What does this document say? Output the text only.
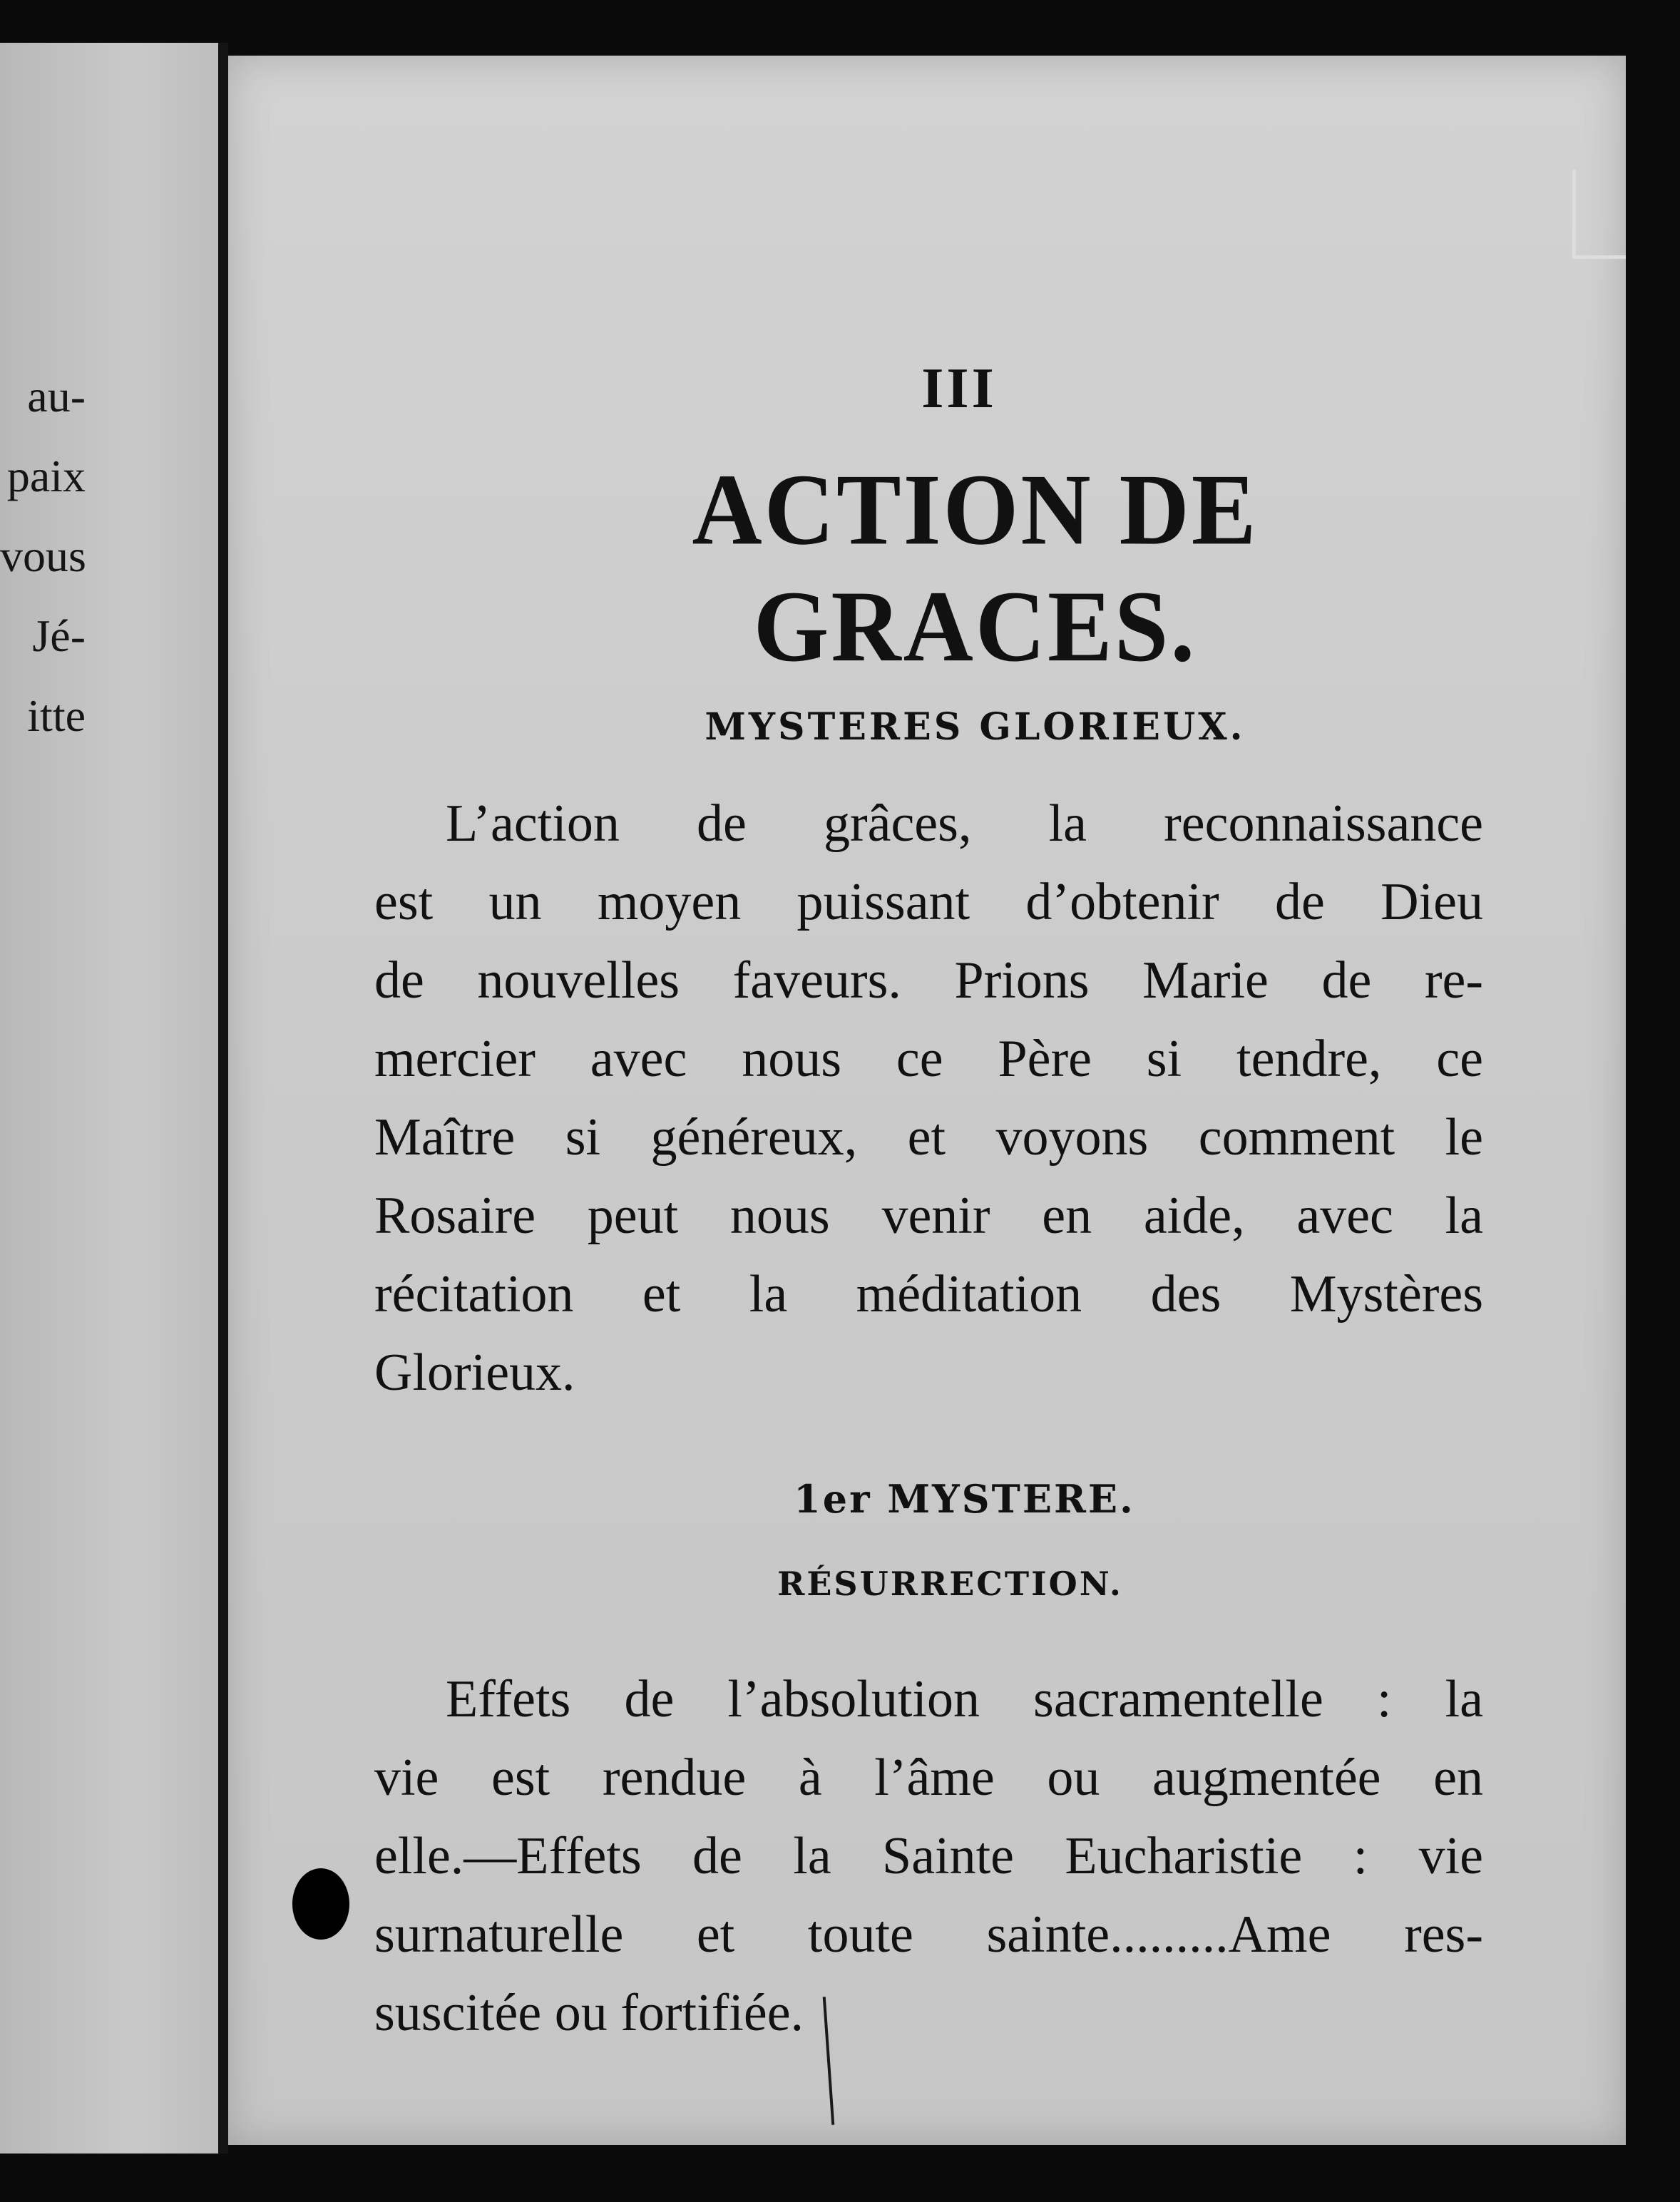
au-
paix
vous
Jé-
itte
III
ACTION DE GRACES.
MYSTERES GLORIEUX.
L’action de grâces, la reconnaissance
est un moyen puissant d’obtenir de Dieu
de nouvelles faveurs. Prions Marie de re-
mercier avec nous ce Père si tendre, ce
Maître si généreux, et voyons comment le
Rosaire peut nous venir en aide, avec la
récitation et la méditation des Mystères
Glorieux.
1er MYSTERE.
RÉSURRECTION.
Effets de l’absolution sacramentelle : la
vie est rendue à l’âme ou augmentée en
elle.—Effets de la Sainte Eucharistie : vie
surnaturelle et toute sainte.........Ame res-
suscitée ou fortifiée.
